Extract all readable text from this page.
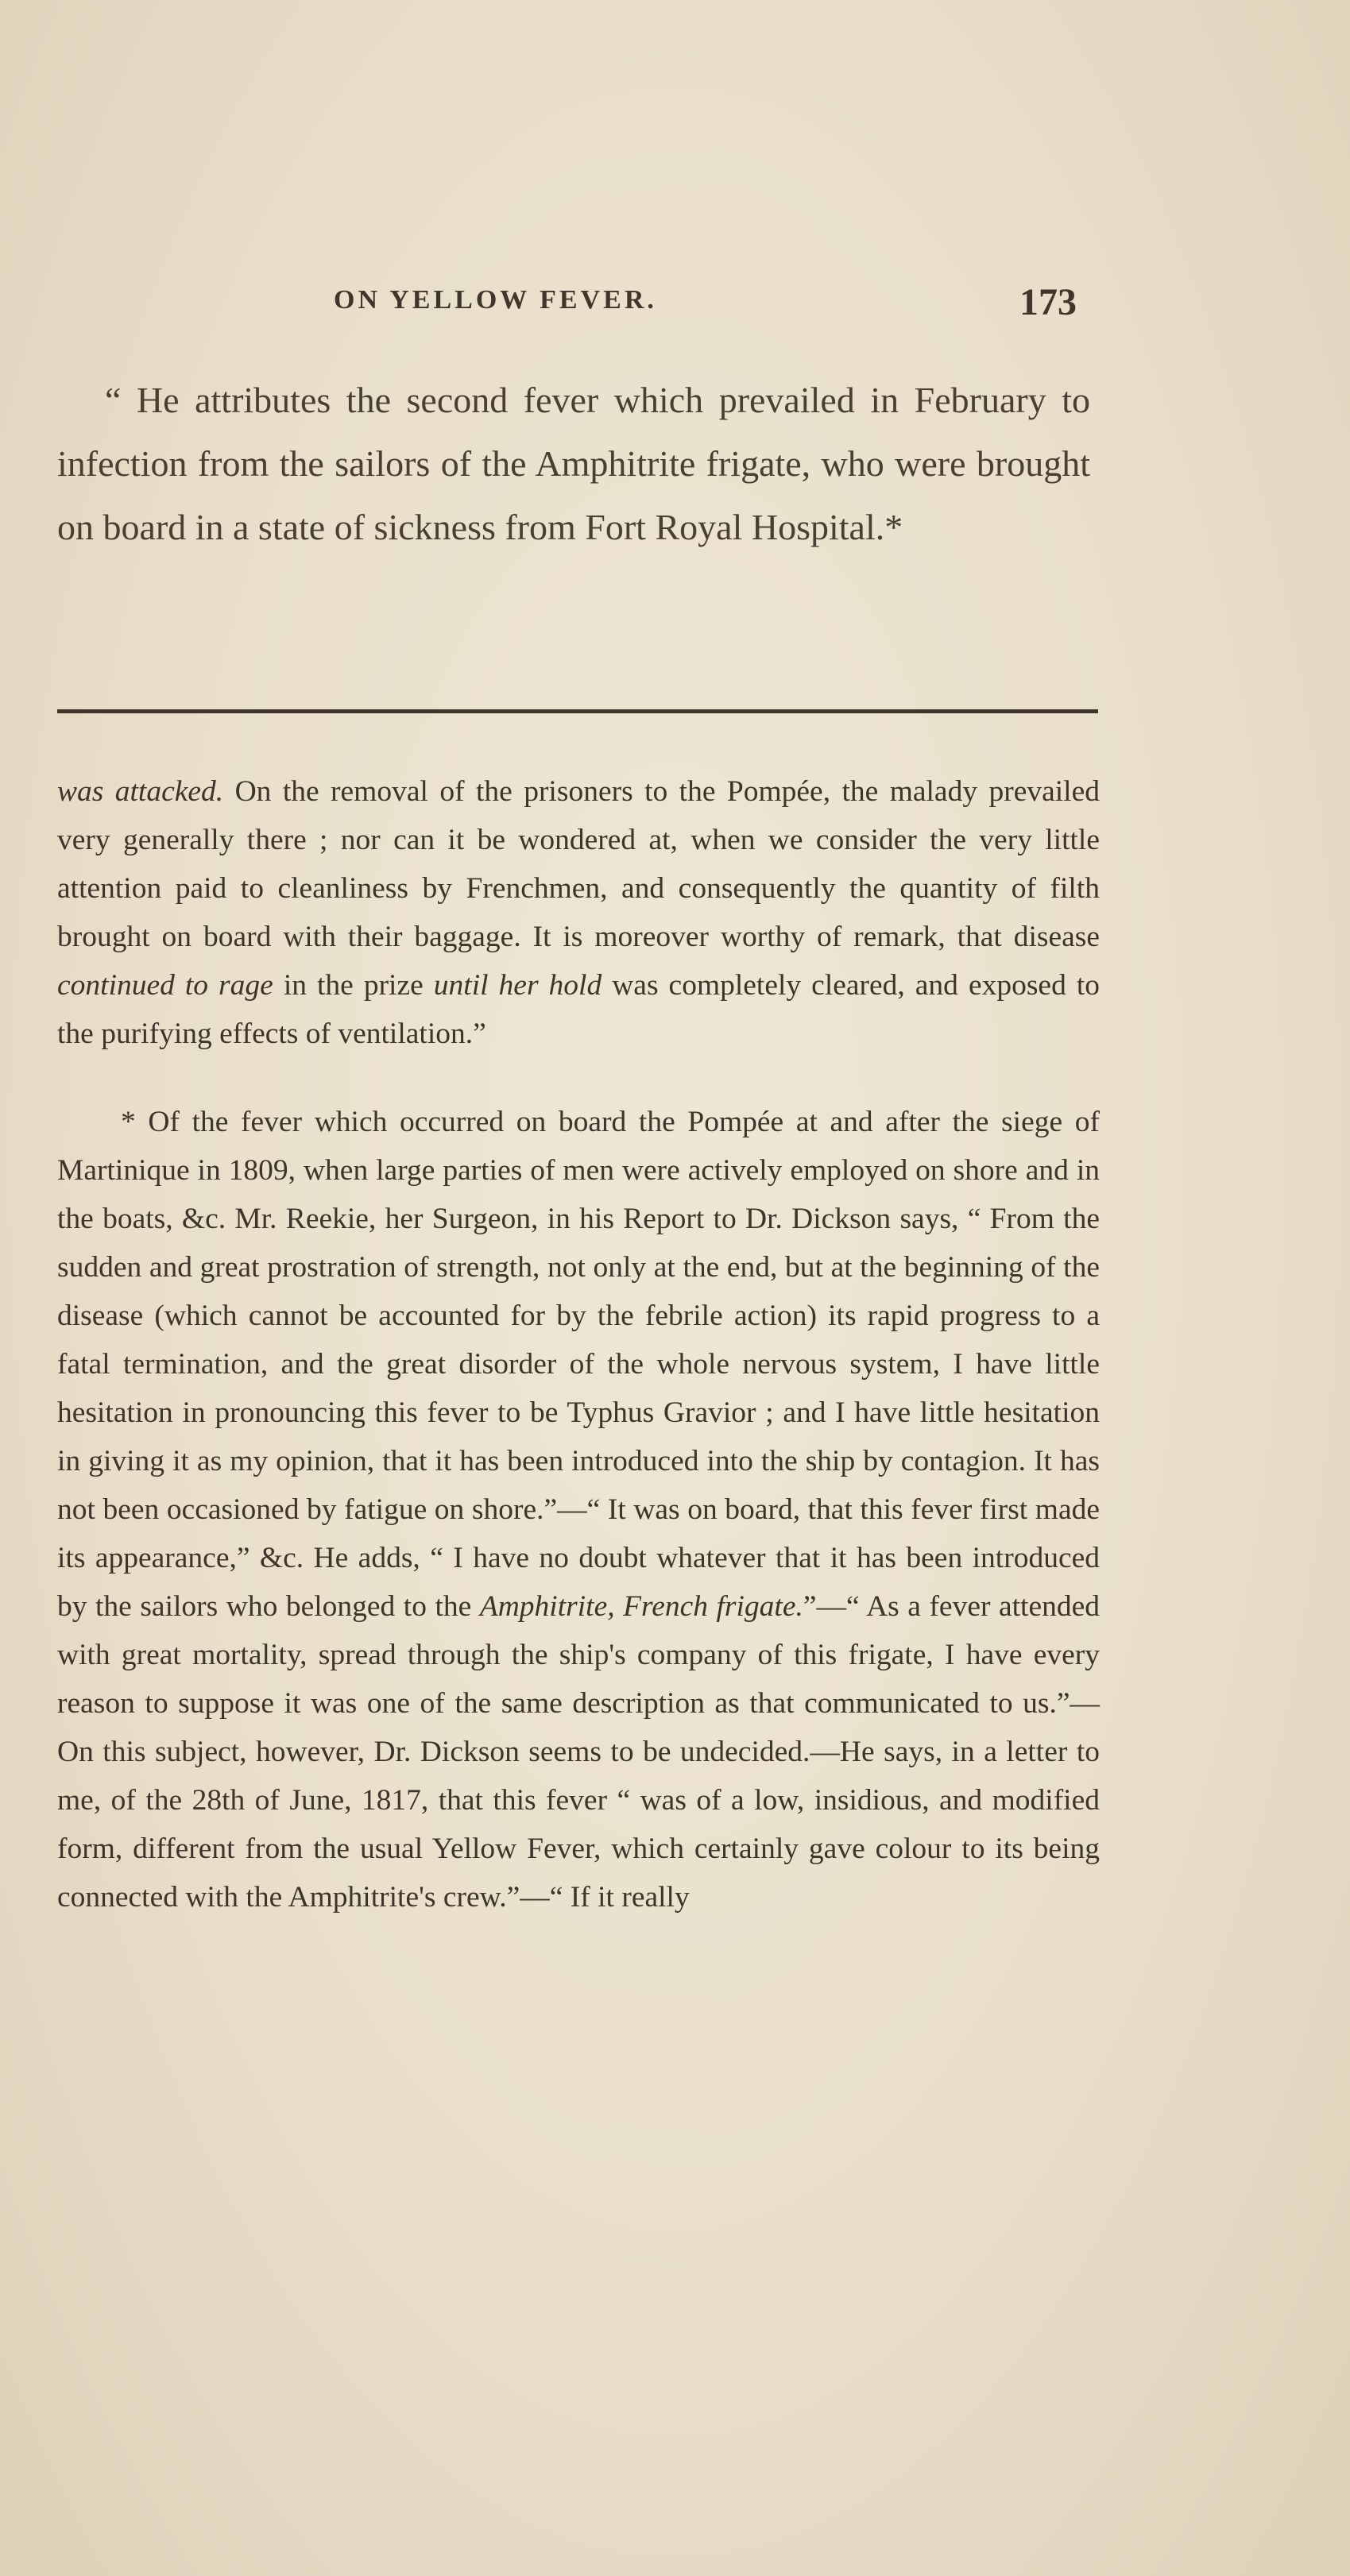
ON YELLOW FEVER.	173

“ He attributes the second fever which prevailed in February to infection from the sailors of the Amphitrite frigate, who were brought on board in a state of sickness from Fort Royal Hospital.*

was attacked. On the removal of the prisoners to the Pompée, the malady prevailed very generally there ; nor can it be wondered at, when we consider the very little attention paid to cleanliness by Frenchmen, and consequently the quantity of filth brought on board with their baggage. It is moreover worthy of remark, that disease continued to rage in the prize until her hold was completely cleared, and exposed to the purifying effects of ventilation.”

* Of the fever which occurred on board the Pompée at and after the siege of Martinique in 1809, when large parties of men were actively employed on shore and in the boats, &c. Mr. Reekie, her Surgeon, in his Report to Dr. Dickson says, “ From the sudden and great prostration of strength, not only at the end, but at the beginning of the disease (which cannot be accounted for by the febrile action) its rapid progress to a fatal termination, and the great disorder of the whole nervous system, I have little hesitation in pronouncing this fever to be Typhus Gravior ; and I have little hesitation in giving it as my opinion, that it has been introduced into the ship by contagion. It has not been occasioned by fatigue on shore.”—“ It was on board, that this fever first made its appearance,” &c. He adds, “ I have no doubt whatever that it has been introduced by the sailors who belonged to the Amphitrite, French frigate.”—“ As a fever attended with great mortality, spread through the ship's company of this frigate, I have every reason to suppose it was one of the same description as that communicated to us.”—On this subject, however, Dr. Dickson seems to be undecided.—He says, in a letter to me, of the 28th of June, 1817, that this fever “ was of a low, insidious, and modified form, different from the usual Yellow Fever, which certainly gave colour to its being connected with the Amphitrite's crew.”—“ If it really
